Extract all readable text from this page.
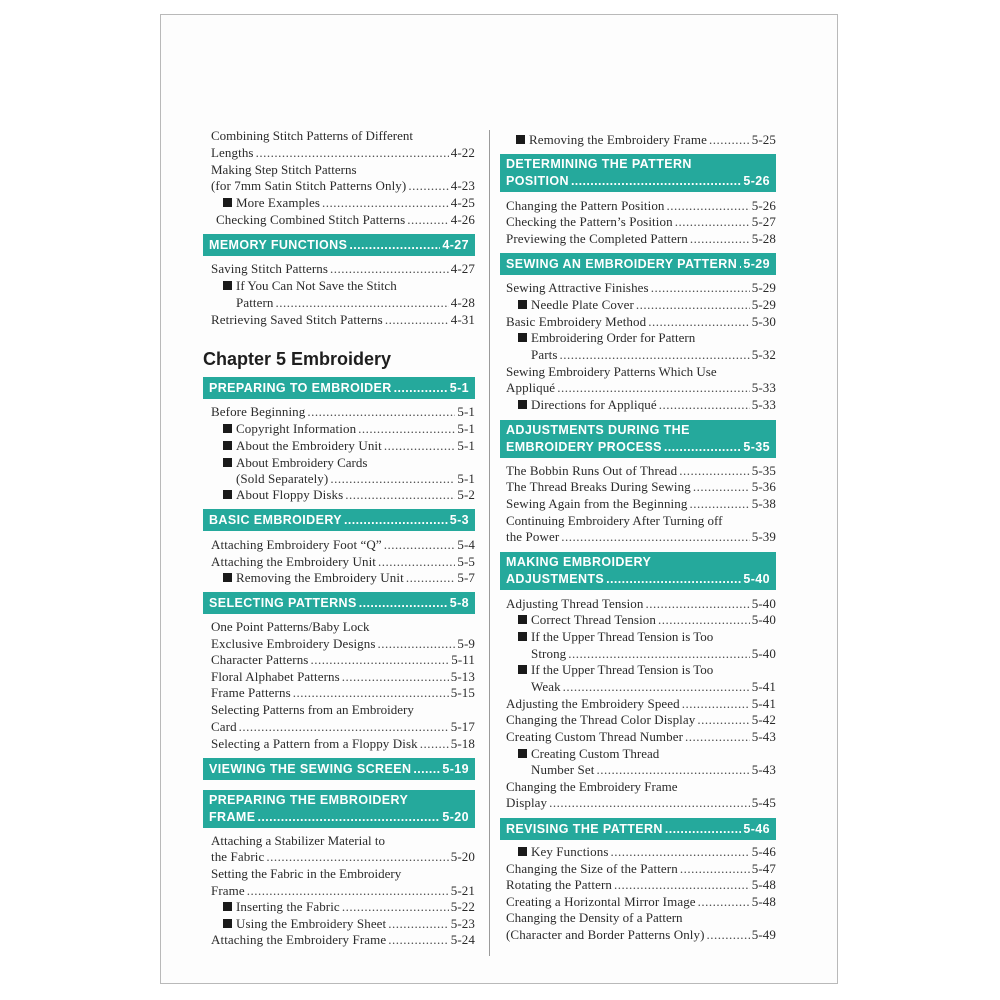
Combining Stitch Patterns of Different
Lengths .....	4-22
Making Step Stitch Patterns
(for 7mm Satin Stitch Patterns Only) .....	4-23
More Examples .....	4-25
Checking Combined Stitch Patterns .....	4-26
MEMORY FUNCTIONS .....	4-27
Saving Stitch Patterns .....	4-27
If You Can Not Save the Stitch
Pattern .....	4-28
Retrieving Saved Stitch Patterns .....	4-31
Chapter 5 Embroidery
PREPARING TO EMBROIDER .....	5-1
Before Beginning .....	5-1
Copyright Information .....	5-1
About the Embroidery Unit .....	5-1
About Embroidery Cards
(Sold Separately) .....	5-1
About Floppy Disks .....	5-2
BASIC EMBROIDERY .....	5-3
Attaching Embroidery Foot “Q” .....	5-4
Attaching the Embroidery Unit .....	5-5
Removing the Embroidery Unit .....	5-7
SELECTING PATTERNS .....	5-8
One Point Patterns/Baby Lock
Exclusive Embroidery Designs .....	5-9
Character Patterns .....	5-11
Floral Alphabet Patterns .....	5-13
Frame Patterns .....	5-15
Selecting Patterns from an Embroidery
Card .....	5-17
Selecting a Pattern from a Floppy Disk .....	5-18
VIEWING THE SEWING SCREEN ..... 5-19
PREPARING THE EMBROIDERY
FRAME .....	5-20
Attaching a Stabilizer Material to
the Fabric .....	5-20
Setting the Fabric in the Embroidery
Frame .....	5-21
Inserting the Fabric .....	5-22
Using the Embroidery Sheet .....	5-23
Attaching the Embroidery Frame .....	5-24
Removing the Embroidery Frame .....	5-25
DETERMINING THE PATTERN
POSITION .....	5-26
Changing the Pattern Position .....	5-26
Checking the Pattern’s Position .....	5-27
Previewing the Completed Pattern .....	5-28
SEWING AN EMBROIDERY PATTERN ..... 5-29
Sewing Attractive Finishes .....	5-29
Needle Plate Cover .....	5-29
Basic Embroidery Method .....	5-30
Embroidering Order for Pattern
Parts .....	5-32
Sewing Embroidery Patterns Which Use
Appliqué .....	5-33
Directions for Appliqué .....	5-33
ADJUSTMENTS DURING THE
EMBROIDERY PROCESS .....	5-35
The Bobbin Runs Out of Thread .....	5-35
The Thread Breaks During Sewing .....	5-36
Sewing Again from the Beginning .....	5-38
Continuing Embroidery After Turning off
the Power .....	5-39
MAKING EMBROIDERY
ADJUSTMENTS .....	5-40
Adjusting Thread Tension .....	5-40
Correct Thread Tension .....	5-40
If the Upper Thread Tension is Too
Strong .....	5-40
If the Upper Thread Tension is Too
Weak .....	5-41
Adjusting the Embroidery Speed .....	5-41
Changing the Thread Color Display .....	5-42
Creating Custom Thread Number .....	5-43
Creating Custom Thread
Number Set .....	5-43
Changing the Embroidery Frame
Display .....	5-45
REVISING THE PATTERN .....	5-46
Key Functions .....	5-46
Changing the Size of the Pattern .....	5-47
Rotating the Pattern .....	5-48
Creating a Horizontal Mirror Image .....	5-48
Changing the Density of a Pattern
(Character and Border Patterns Only) .....	5-49
